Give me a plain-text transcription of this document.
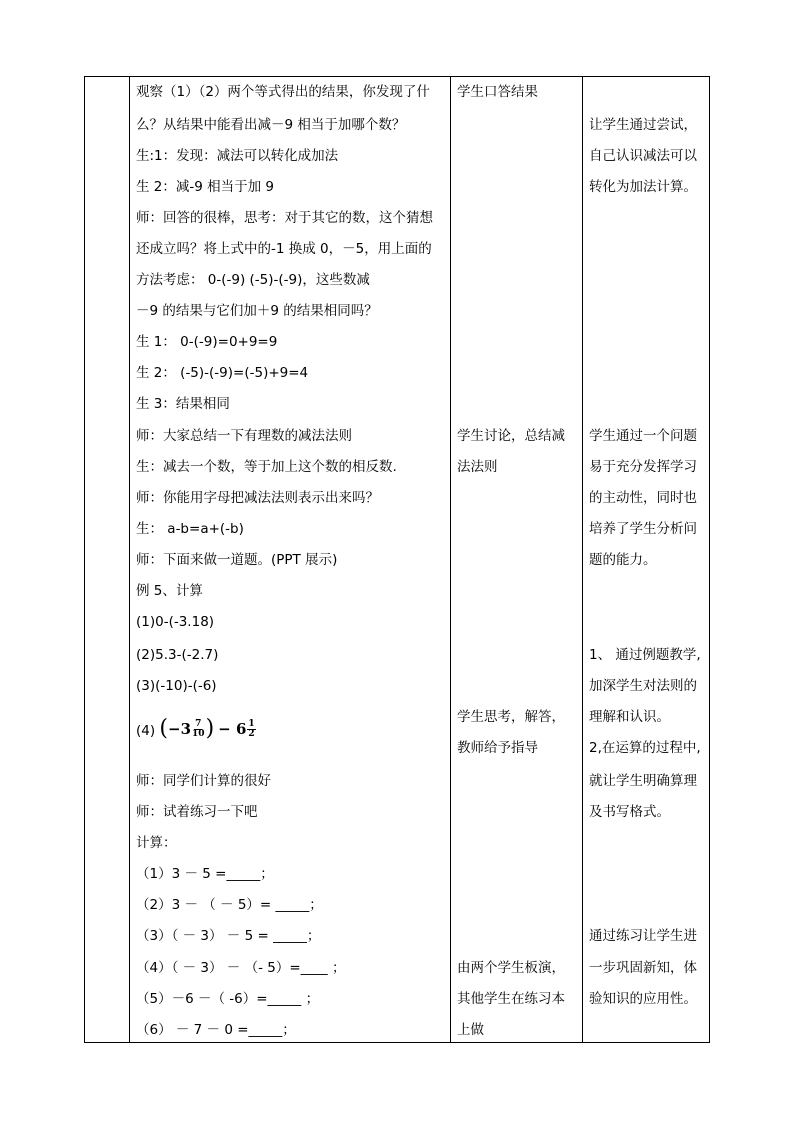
观察（1）（2）两个等式得出的结果，你发现了什
么？从结果中能看出减－9 相当于加哪个数？
生:1：发现：减法可以转化成加法
生 2：减-9 相当于加 9
师：回答的很棒，思考：对于其它的数，这个猜想
还成立吗？将上式中的-1 换成 0，－5，用上面的
方法考虑： 0-(-9) (-5)-(-9)，这些数减
－9 的结果与它们加＋9 的结果相同吗？
生 1： 0-(-9)=0+9=9
生 2： (-5)-(-9)=(-5)+9=4
生 3：结果相同
师：大家总结一下有理数的减法法则
生：减去一个数，等于加上这个数的相反数.
师：你能用字母把减法法则表示出来吗？
生： a-b=a+(-b)
师：下面来做一道题。(PPT 展示)
例 5、计算
(1)0-(-3.18)
(2)5.3-(-2.7)
(3)(-10)-(-6)
(4) ( $-3 \frac{7}{10}$ ) − $6 \frac{1}{2}$
师：同学们计算的很好
师：试着练习一下吧
计算：
（1）3 － 5 =_____；
（2）3 － （ － 5）= _____；
（3）（ － 3） － 5 = _____；
（4）（ － 3） － （- 5）=____ ；
（5）－6 －（ -6）=_____ ；
（6） － 7 － 0 =_____；
学生口答结果
学生讨论，总结减
法法则
学生思考，解答，
教师给予指导
由两个学生板演，
其他学生在练习本
上做
让学生通过尝试，
自己认识减法可以
转化为加法计算。
学生通过一个问题
易于充分发挥学习
的主动性，同时也
培养了学生分析问
题的能力。
1、 通过例题教学,
加深学生对法则的
理解和认识。
2,在运算的过程中,
就让学生明确算理
及书写格式。
通过练习让学生进
一步巩固新知，体
验知识的应用性。
